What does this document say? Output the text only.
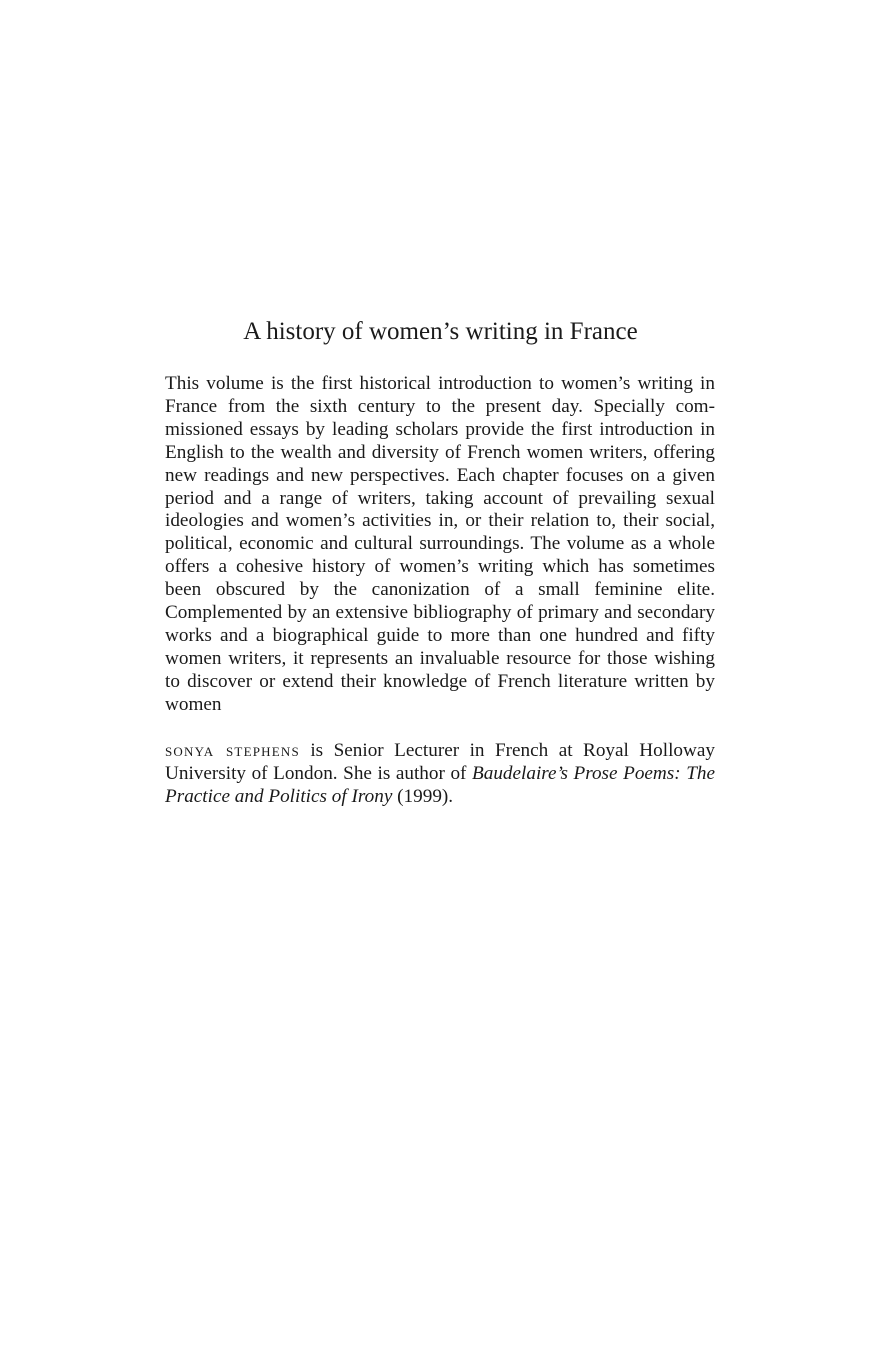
A history of women’s writing in France

This volume is the first historical introduction to women’s writing in France from the sixth century to the present day. Specially commissioned essays by leading scholars provide the first introduction in English to the wealth and diversity of French women writers, offering new readings and new perspectives. Each chapter focuses on a given period and a range of writers, taking account of prevailing sexual ideologies and women’s activities in, or their relation to, their social, political, economic and cultural surroundings. The volume as a whole offers a cohesive history of women’s writing which has sometimes been obscured by the canonization of a small feminine elite. Complemented by an extensive bibliography of primary and secondary works and a biographical guide to more than one hundred and fifty women writers, it represents an invaluable resource for those wishing to discover or extend their knowledge of French literature written by women

sonya stephens is Senior Lecturer in French at Royal Holloway University of London. She is author of Baudelaire’s Prose Poems: The Practice and Politics of Irony (1999).
